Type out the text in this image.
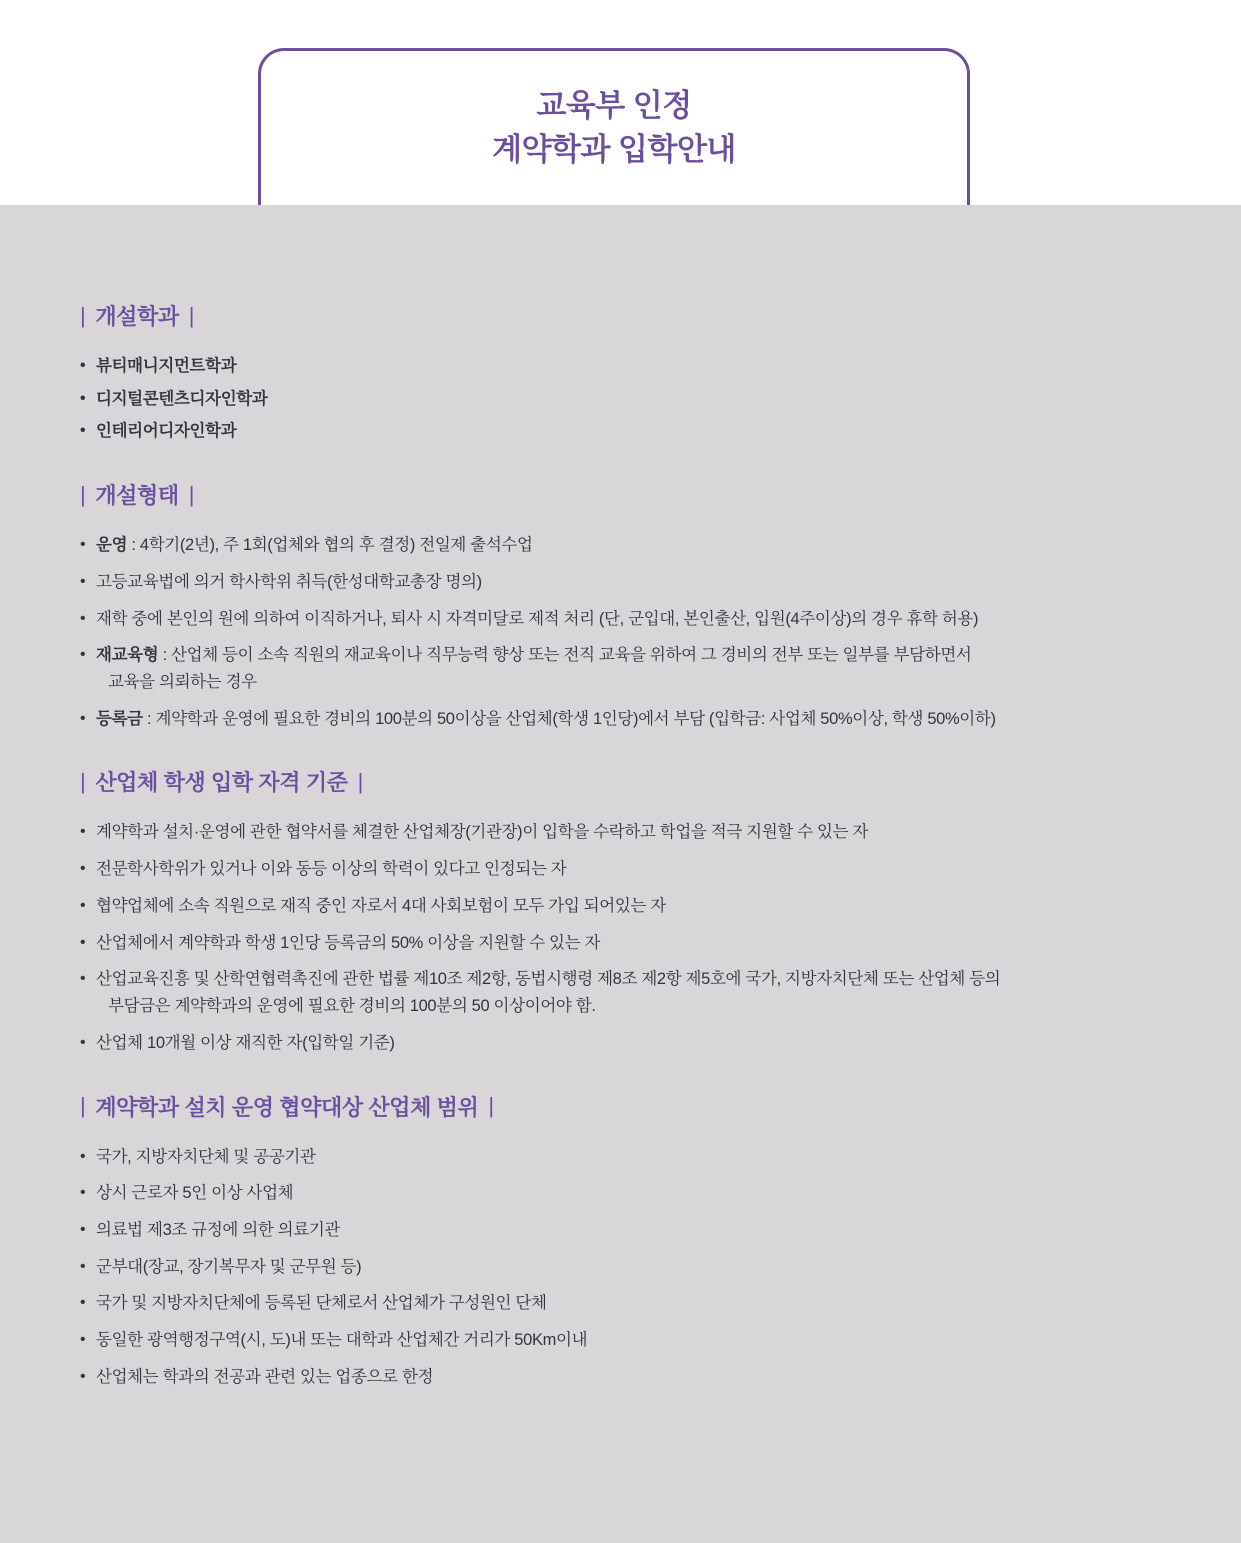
교육부 인정
계약학과 입학안내
| 개설학과 |
• 뷰티매니지먼트학과
• 디지털콘텐츠디자인학과
• 인테리어디자인학과
| 개설형태 |
• 운영 : 4학기(2년), 주 1회(업체와 협의 후 결정) 전일제 출석수업
• 고등교육법에 의거 학사학위 취득(한성대학교총장 명의)
• 재학 중에 본인의 원에 의하여 이직하거나, 퇴사 시 자격미달로 제적 처리 (단, 군입대, 본인출산, 입원(4주이상)의 경우 휴학 허용)
• 재교육형 : 산업체 등이 소속 직원의 재교육이나 직무능력 향상 또는 전직 교육을 위하여 그 경비의 전부 또는 일부를 부담하면서
교육을 의뢰하는 경우
• 등록금 : 계약학과 운영에 필요한 경비의 100분의 50이상을 산업체(학생 1인당)에서 부담 (입학금: 사업체 50%이상, 학생 50%이하)
| 산업체 학생 입학 자격 기준 |
• 계약학과 설치·운영에 관한 협약서를 체결한 산업체장(기관장)이 입학을 수락하고 학업을 적극 지원할 수 있는 자
• 전문학사학위가 있거나 이와 동등 이상의 학력이 있다고 인정되는 자
• 협약업체에 소속 직원으로 재직 중인 자로서 4대 사회보험이 모두 가입 되어있는 자
• 산업체에서 계약학과 학생 1인당 등록금의 50% 이상을 지원할 수 있는 자
• 산업교육진흥 및 산학연협력촉진에 관한 법률 제10조 제2항, 동법시행령 제8조 제2항 제5호에 국가, 지방자치단체 또는 산업체 등의
부담금은 계약학과의 운영에 필요한 경비의 100분의 50 이상이어야 함.
• 산업체 10개월 이상 재직한 자(입학일 기준)
| 계약학과 설치 운영 협약대상 산업체 범위 |
• 국가, 지방자치단체 및 공공기관
• 상시 근로자 5인 이상 사업체
• 의료법 제3조 규정에 의한 의료기관
• 군부대(장교, 장기복무자 및 군무원 등)
• 국가 및 지방자치단체에 등록된 단체로서 산업체가 구성원인 단체
• 동일한 광역행정구역(시, 도)내 또는 대학과 산업체간 거리가 50Km이내
• 산업체는 학과의 전공과 관련 있는 업종으로 한정
